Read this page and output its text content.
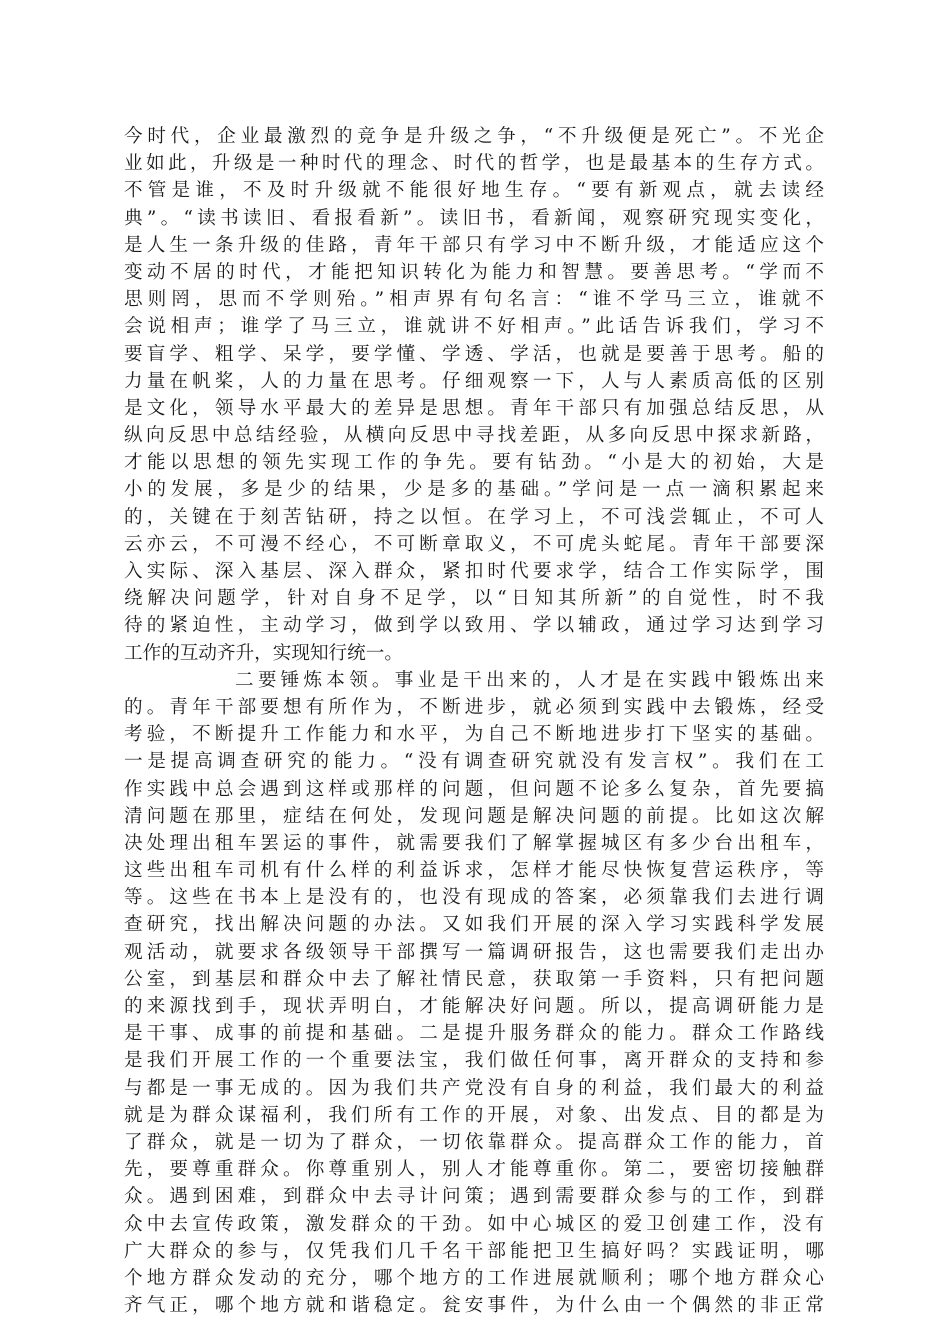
今时代，企业最激烈的竞争是升级之争，“不升级便是死亡”。不光企
业如此，升级是一种时代的理念、时代的哲学，也是最基本的生存方式。
不管是谁，不及时升级就不能很好地生存。“要有新观点，就去读经
典”。“读书读旧、看报看新”。读旧书，看新闻，观察研究现实变化，
是人生一条升级的佳路，青年干部只有学习中不断升级，才能适应这个
变动不居的时代，才能把知识转化为能力和智慧。要善思考。“学而不
思则罔，思而不学则殆。”相声界有句名言：“谁不学马三立，谁就不
会说相声；谁学了马三立，谁就讲不好相声。”此话告诉我们，学习不
要盲学、粗学、呆学，要学懂、学透、学活，也就是要善于思考。船的
力量在帆桨，人的力量在思考。仔细观察一下，人与人素质高低的区别
是文化，领导水平最大的差异是思想。青年干部只有加强总结反思，从
纵向反思中总结经验，从横向反思中寻找差距，从多向反思中探求新路，
才能以思想的领先实现工作的争先。要有钻劲。“小是大的初始，大是
小的发展，多是少的结果，少是多的基础。”学问是一点一滴积累起来
的，关键在于刻苦钻研，持之以恒。在学习上，不可浅尝辄止，不可人
云亦云，不可漫不经心，不可断章取义，不可虎头蛇尾。青年干部要深
入实际、深入基层、深入群众，紧扣时代要求学，结合工作实际学，围
绕解决问题学，针对自身不足学，以“日知其所新”的自觉性，时不我
待的紧迫性，主动学习，做到学以致用、学以辅政，通过学习达到学习
工作的互动齐升，实现知行统一。
二要锤炼本领。事业是干出来的，人才是在实践中锻炼出来
的。青年干部要想有所作为，不断进步，就必须到实践中去锻炼，经受
考验，不断提升工作能力和水平，为自己不断地进步打下坚实的基础。
一是提高调查研究的能力。“没有调查研究就没有发言权”。我们在工
作实践中总会遇到这样或那样的问题，但问题不论多么复杂，首先要搞
清问题在那里，症结在何处，发现问题是解决问题的前提。比如这次解
决处理出租车罢运的事件，就需要我们了解掌握城区有多少台出租车，
这些出租车司机有什么样的利益诉求，怎样才能尽快恢复营运秩序，等
等。这些在书本上是没有的，也没有现成的答案，必须靠我们去进行调
查研究，找出解决问题的办法。又如我们开展的深入学习实践科学发展
观活动，就要求各级领导干部撰写一篇调研报告，这也需要我们走出办
公室，到基层和群众中去了解社情民意，获取第一手资料，只有把问题
的来源找到手，现状弄明白，才能解决好问题。所以，提高调研能力是
是干事、成事的前提和基础。二是提升服务群众的能力。群众工作路线
是我们开展工作的一个重要法宝，我们做任何事，离开群众的支持和参
与都是一事无成的。因为我们共产党没有自身的利益，我们最大的利益
就是为群众谋福利，我们所有工作的开展，对象、出发点、目的都是为
了群众，就是一切为了群众，一切依靠群众。提高群众工作的能力，首
先，要尊重群众。你尊重别人，别人才能尊重你。第二，要密切接触群
众。遇到困难，到群众中去寻计问策；遇到需要群众参与的工作，到群
众中去宣传政策，激发群众的干劲。如中心城区的爱卫创建工作，没有
广大群众的参与，仅凭我们几千名干部能把卫生搞好吗？实践证明，哪
个地方群众发动的充分，哪个地方的工作进展就顺利；哪个地方群众心
齐气正，哪个地方就和谐稳定。瓮安事件，为什么由一个偶然的非正常
